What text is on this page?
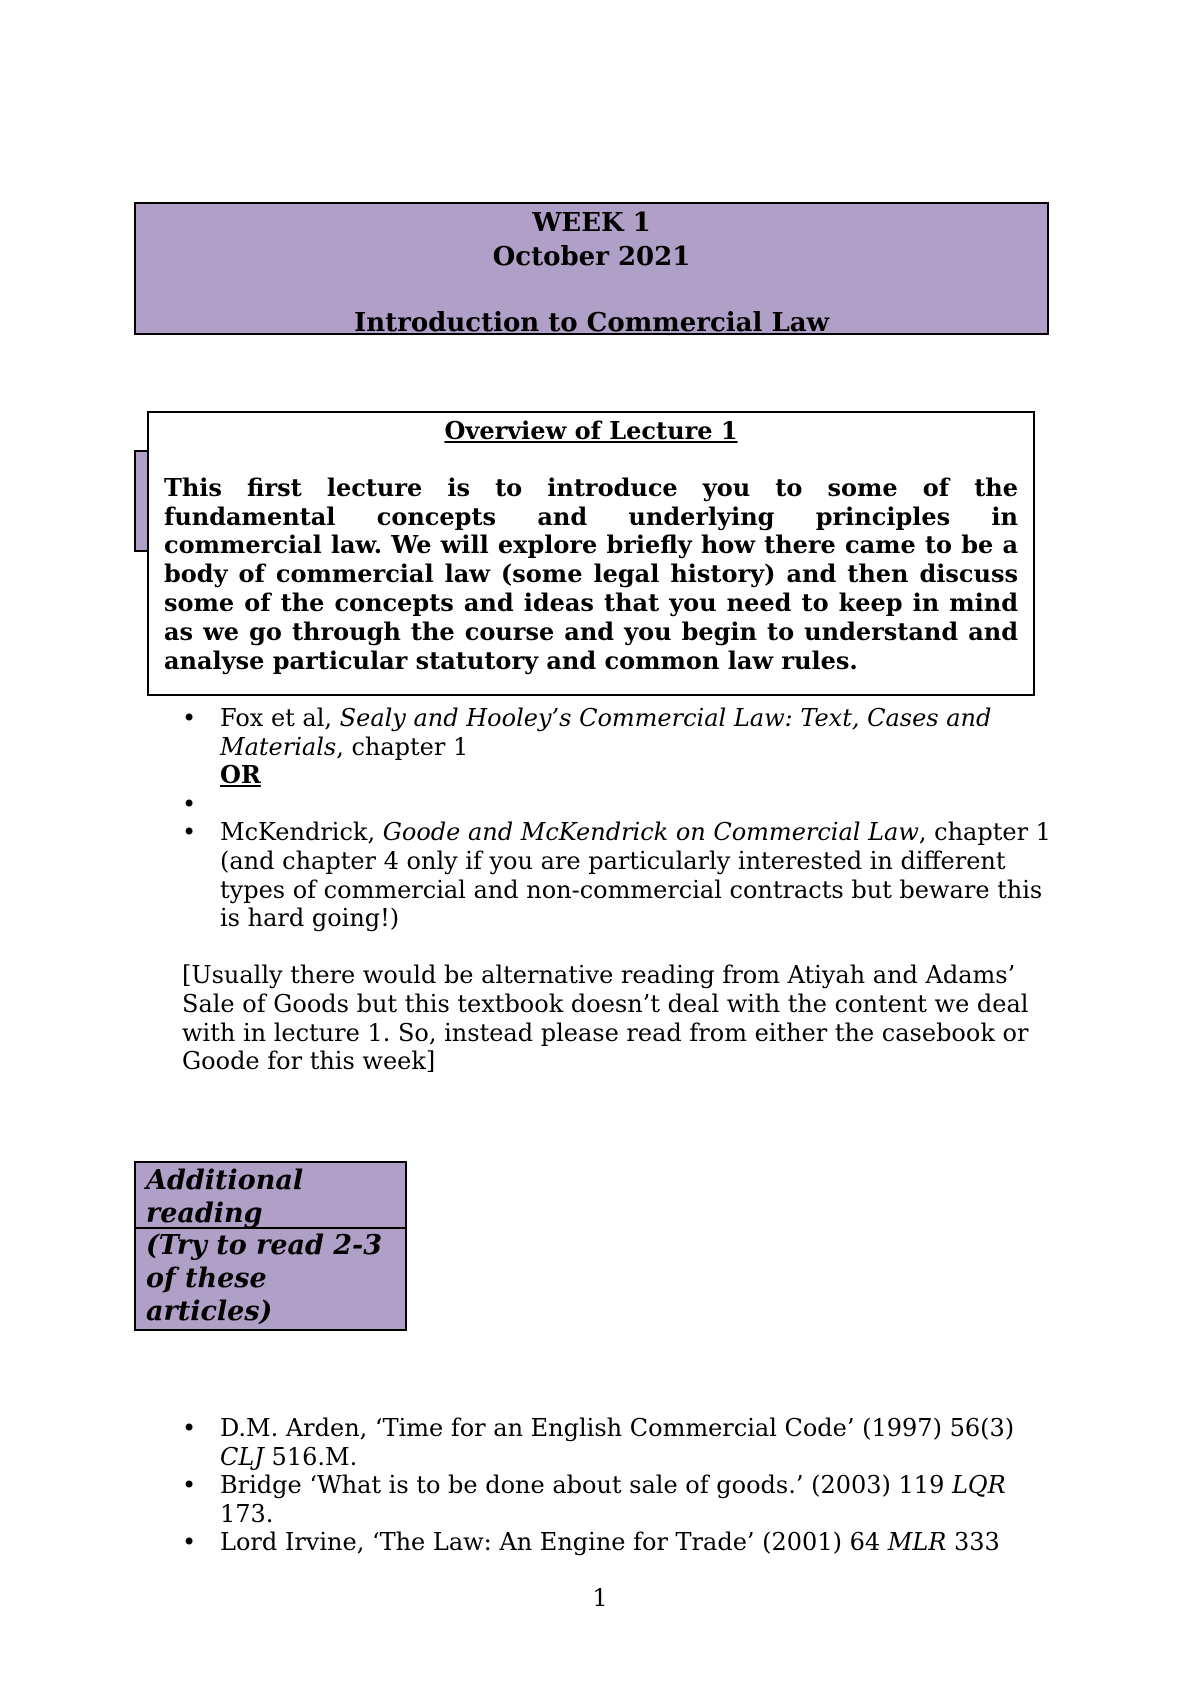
WEEK 1
October 2021
Introduction to Commercial Law
Overview of Lecture 1
This first lecture is to introduce you to some of the fundamental concepts and underlying principles in commercial law. We will explore briefly how there came to be a body of commercial law (some legal history) and then discuss some of the concepts and ideas that you need to keep in mind as we go through the course and you begin to understand and analyse particular statutory and common law rules.
• Fox et al, Sealy and Hooley’s Commercial Law: Text, Cases and Materials, chapter 1
OR
•
• McKendrick, Goode and McKendrick on Commercial Law, chapter 1 (and chapter 4 only if you are particularly interested in different types of commercial and non-commercial contracts but beware this is hard going!)

[Usually there would be alternative reading from Atiyah and Adams’ Sale of Goods but this textbook doesn’t deal with the content we deal with in lecture 1. So, instead please read from either the casebook or Goode for this week]

Additional reading
(Try to read 2-3 of these articles)
• D.M. Arden, ‘Time for an English Commercial Code’ (1997) 56(3) CLJ 516.M.
• Bridge ‘What is to be done about sale of goods.’ (2003) 119 LQR 173.
• Lord Irvine, ‘The Law: An Engine for Trade’ (2001) 64 MLR 333
1
